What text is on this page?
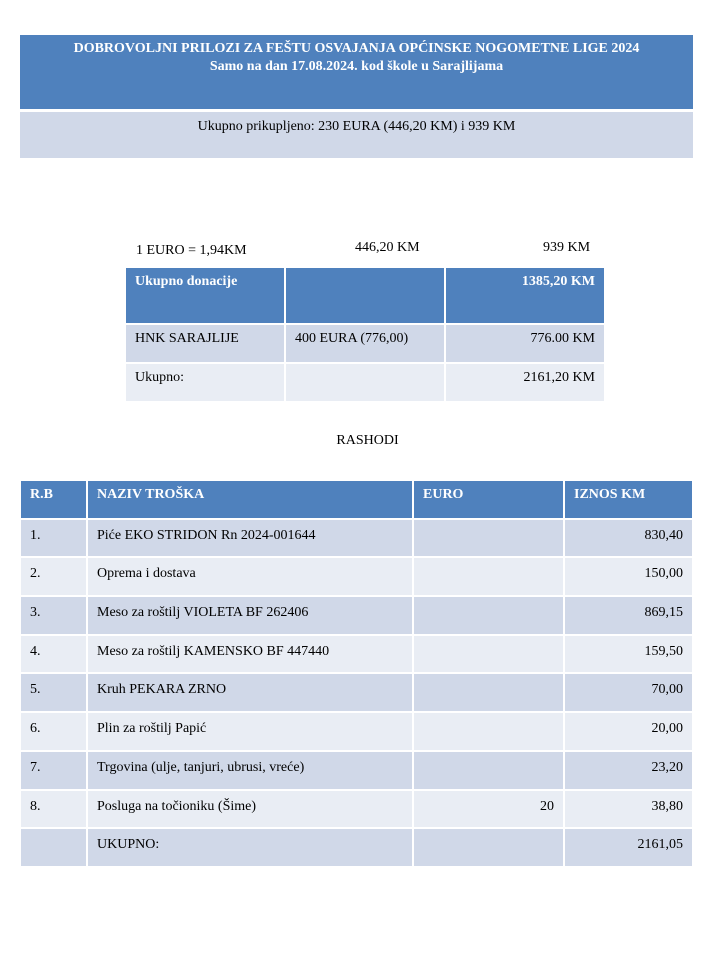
DOBROVOLJNI PRILOZI ZA FEŠTU OSVAJANJA OPĆINSKE NOGOMETNE LIGE 2024
Samo na dan 17.08.2024. kod škole u Sarajlijama
Ukupno prikupljeno: 230 EURA (446,20 KM) i 939 KM
1 EURO = 1,94KM	446,20 KM	939 KM
Ukupno donacije		1385,20 KM
HNK SARAJLIJE	400 EURA (776,00)	776.00 KM
Ukupno:		2161,20 KM
RASHODI
R.B	NAZIV TROŠKA	EURO	IZNOS KM
1.	Piće EKO STRIDON Rn 2024-001644		830,40
2.	Oprema i dostava		150,00
3.	Meso za roštilj VIOLETA BF 262406		869,15
4.	Meso za roštilj KAMENSKO BF 447440		159,50
5.	Kruh PEKARA ZRNO		70,00
6.	Plin za roštilj Papić		20,00
7.	Trgovina (ulje, tanjuri, ubrusi, vreće)		23,20
8.	Posluga na točioniku (Šime)	20	38,80
	UKUPNO:		2161,05
